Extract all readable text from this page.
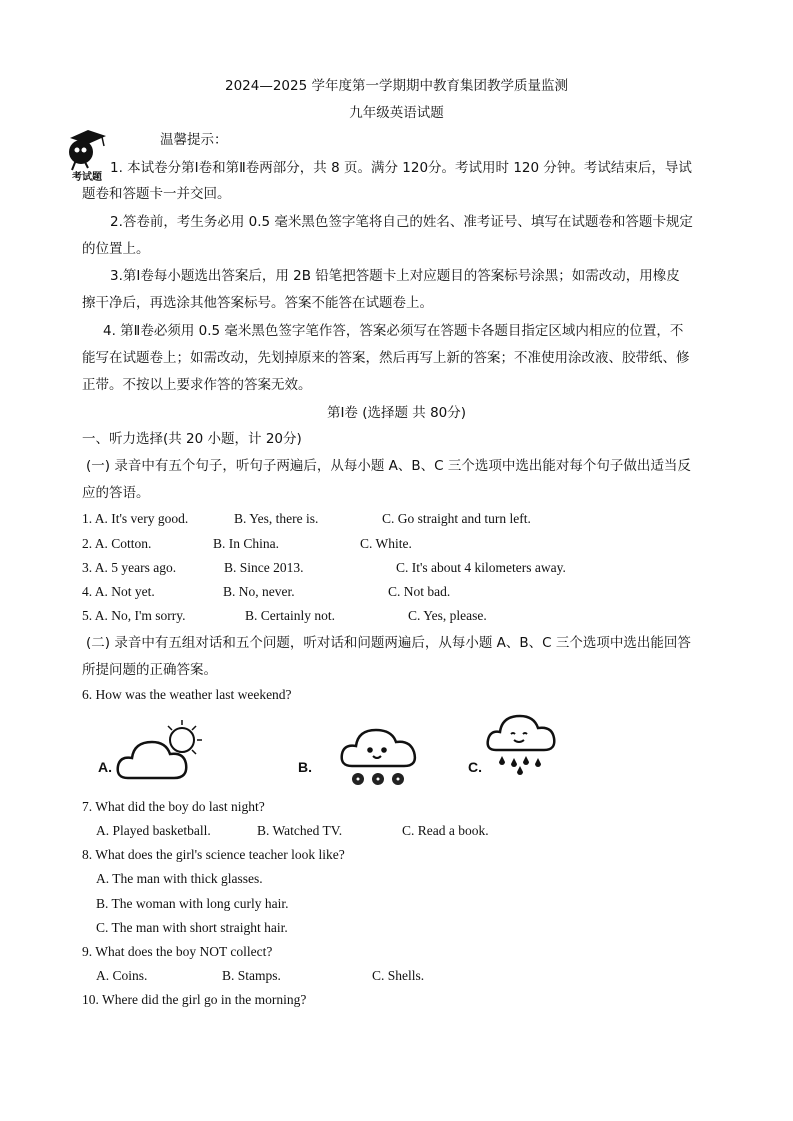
2024—2025 学年度第一学期期中教育集团教学质量监测
九年级英语试题
考试题
温馨提示：
1. 本试卷分第Ⅰ卷和第Ⅱ卷两部分，共 8 页。满分 120分。考试用时 120 分钟。考试结束后，导试
题卷和答题卡一并交回。
2.答卷前，考生务必用 0.5 毫米黑色签字笔将自己的姓名、准考证号、填写在试题卷和答题卡规定
的位置上。
3.第Ⅰ卷每小题选出答案后，用 2B 铅笔把答题卡上对应题目的答案标号涂黑；如需改动，用橡皮
擦干净后，再选涂其他答案标号。答案不能答在试题卷上。
4. 第Ⅱ卷必须用 0.5 毫米黑色签字笔作答，答案必须写在答题卡各题目指定区域内相应的位置，不
能写在试题卷上；如需改动，先划掉原来的答案，然后再写上新的答案；不准使用涂改液、胶带纸、修
正带。不按以上要求作答的答案无效。
第Ⅰ卷 (选择题 共 80分)
一、听力选择(共 20 小题，计 20分)
(一) 录音中有五个句子，听句子两遍后，从每小题 A、B、C 三个选项中选出能对每个句子做出适当反
应的答语。
1. A. It's very good.	B. Yes, there is.	C. Go straight and turn left.
2. A. Cotton.	B. In China.	C. White.
3. A. 5 years ago.	B. Since 2013.	C. It's about 4 kilometers away.
4. A. Not yet.	B. No, never.	C. Not bad.
5. A. No, I'm sorry.	B. Certainly not.	C. Yes, please.
(二) 录音中有五组对话和五个问题，听对话和问题两遍后，从每小题 A、B、C 三个选项中选出能回答
所提问题的正确答案。
6. How was the weather last weekend?
A.	B.	C.
7. What did the boy do last night?
A. Played basketball.	B. Watched TV.	C. Read a book.
8. What does the girl's science teacher look like?
A. The man with thick glasses.
B. The woman with long curly hair.
C. The man with short straight hair.
9. What does the boy NOT collect?
A. Coins.	B. Stamps.	C. Shells.
10. Where did the girl go in the morning?
